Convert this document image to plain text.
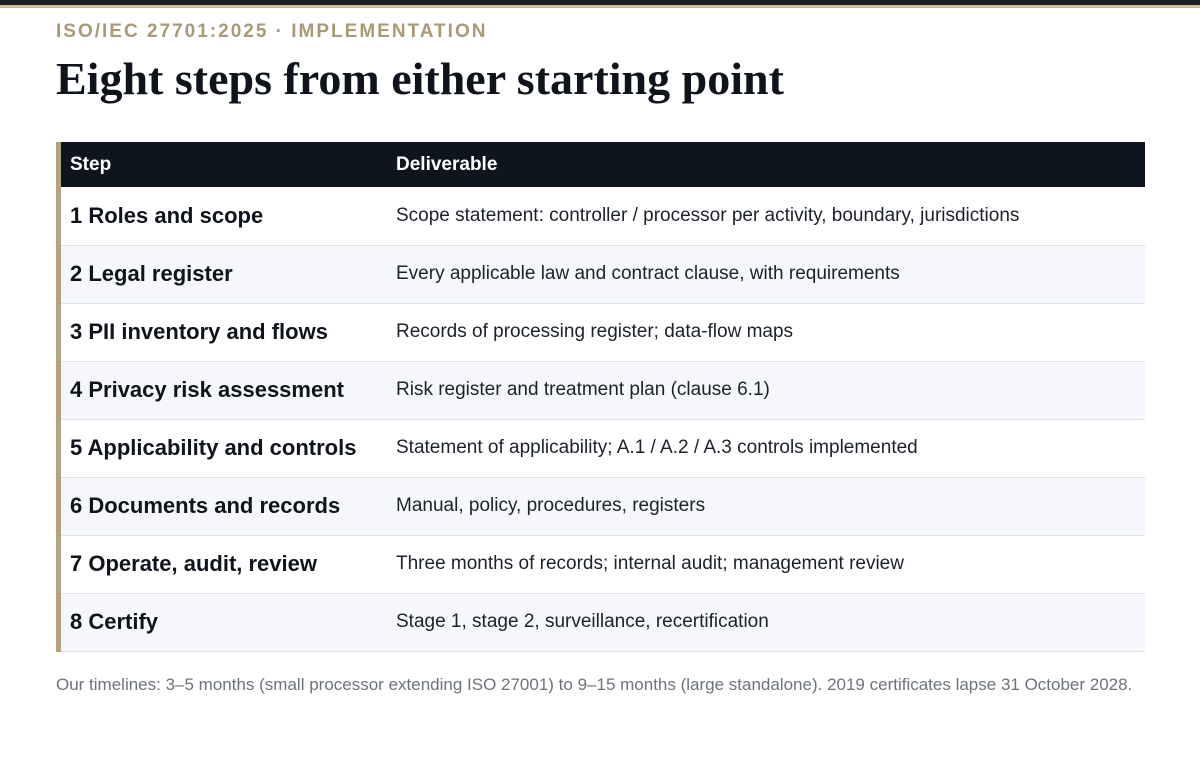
ISO/IEC 27701:2025 · IMPLEMENTATION
Eight steps from either starting point
Step	Deliverable
1 Roles and scope	Scope statement: controller / processor per activity, boundary, jurisdictions
2 Legal register	Every applicable law and contract clause, with requirements
3 PII inventory and flows	Records of processing register; data-flow maps
4 Privacy risk assessment	Risk register and treatment plan (clause 6.1)
5 Applicability and controls	Statement of applicability; A.1 / A.2 / A.3 controls implemented
6 Documents and records	Manual, policy, procedures, registers
7 Operate, audit, review	Three months of records; internal audit; management review
8 Certify	Stage 1, stage 2, surveillance, recertification

Our timelines: 3–5 months (small processor extending ISO 27001) to 9–15 months (large standalone). 2019 certificates lapse 31 October 2028.
